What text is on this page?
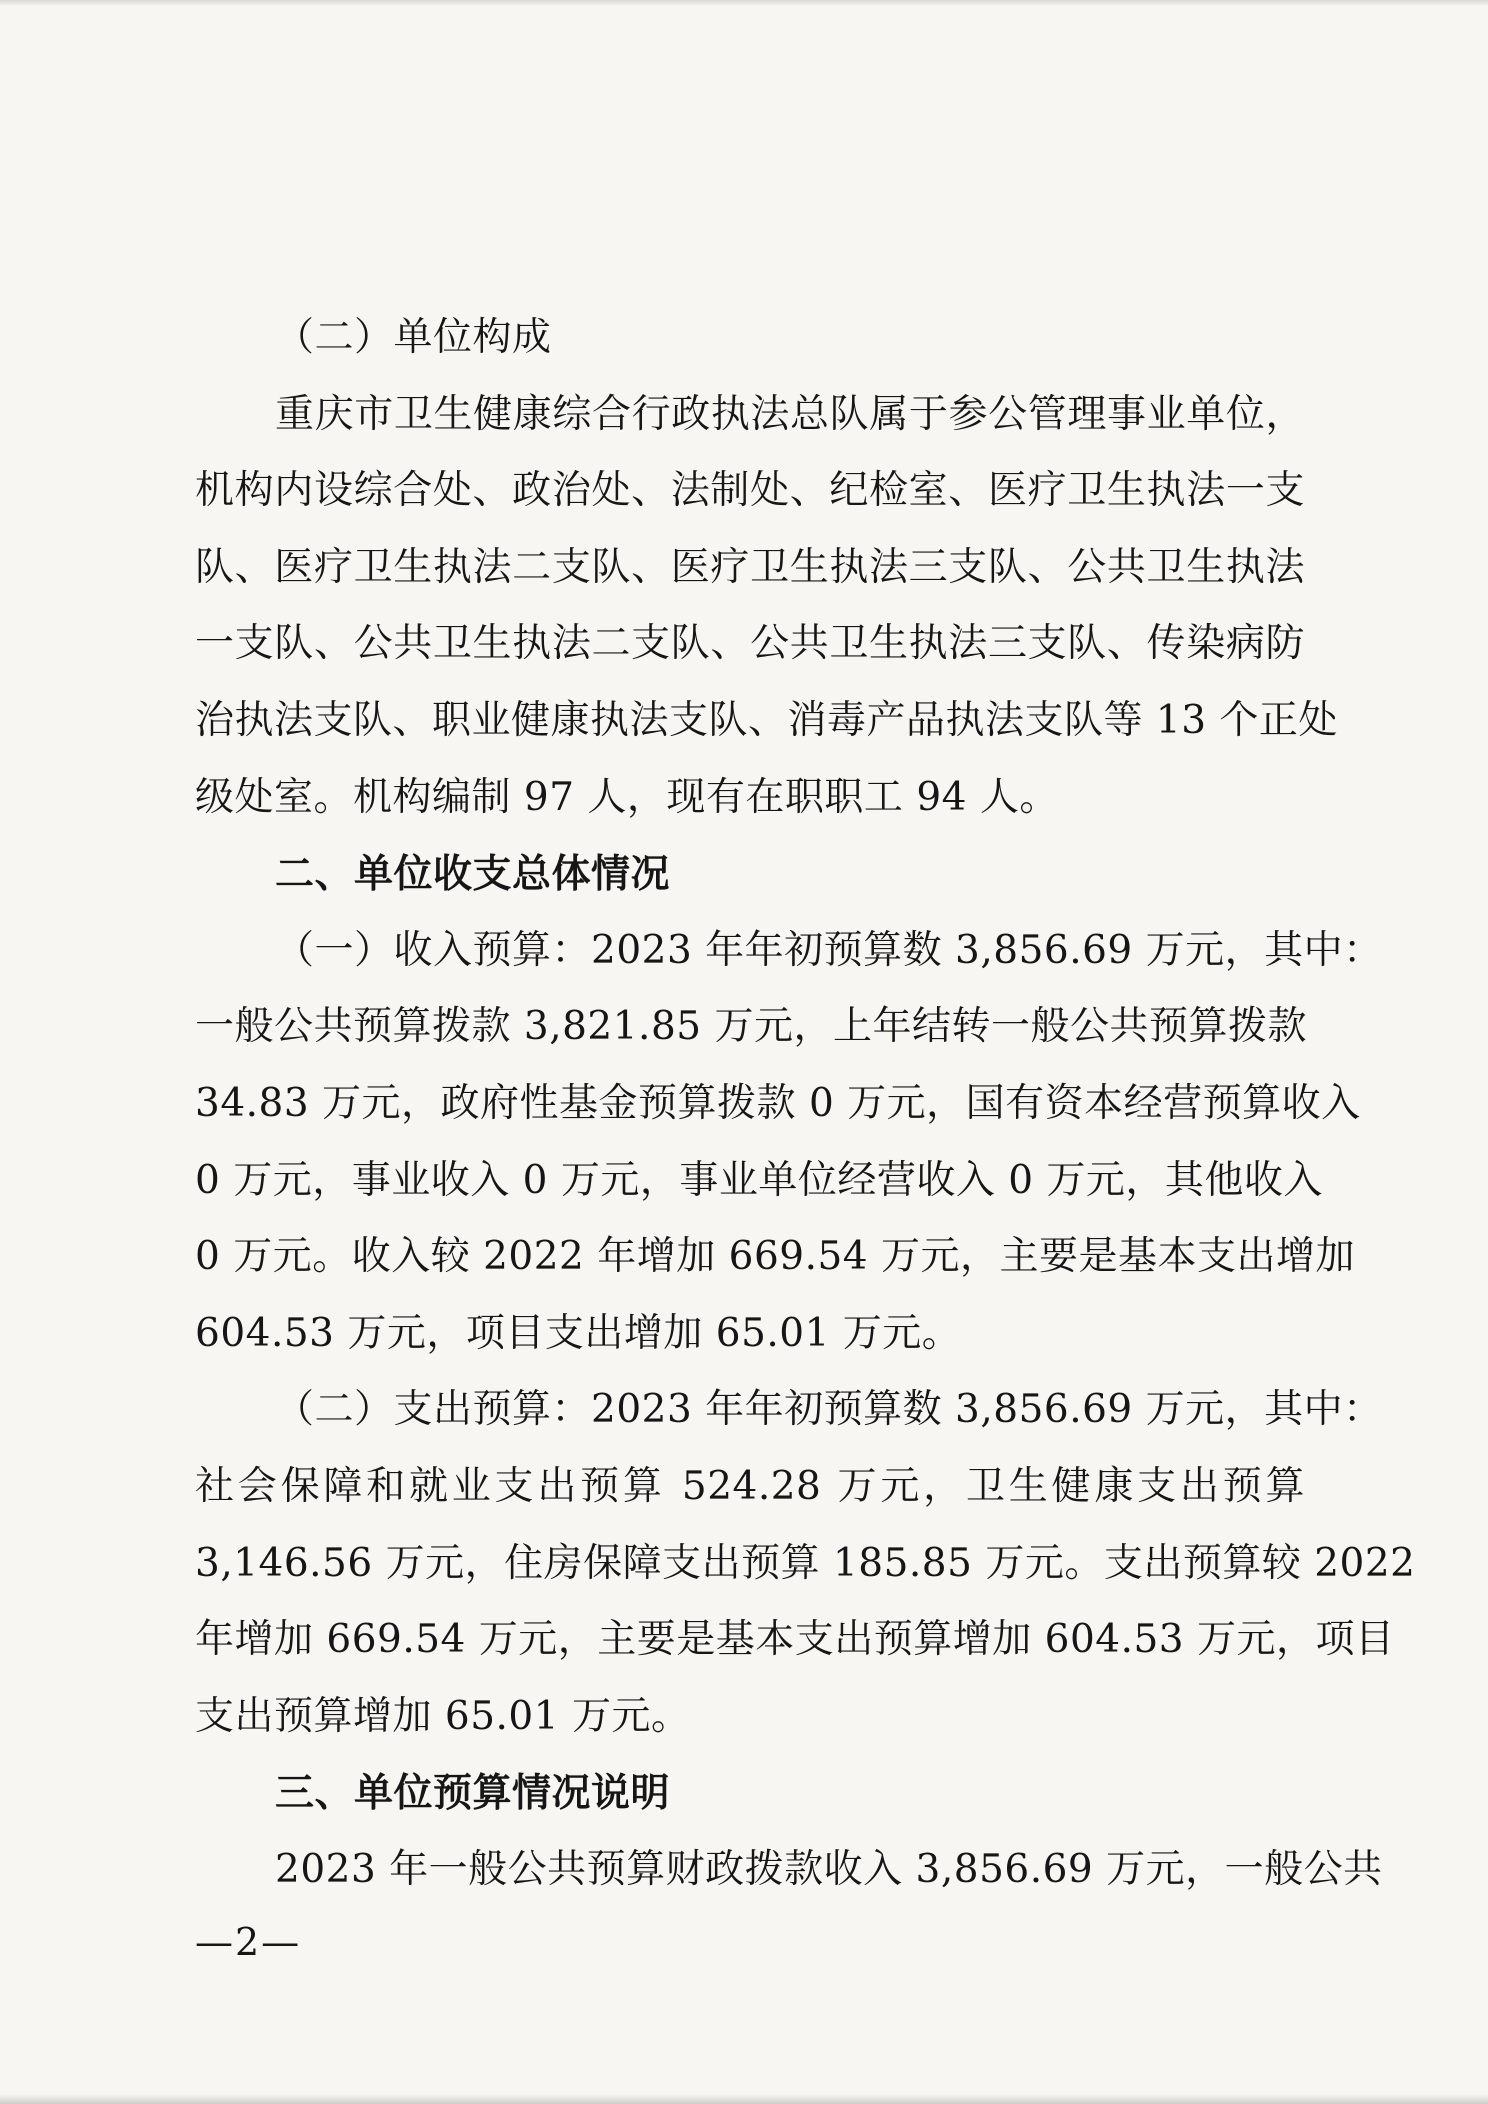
（二）单位构成
重庆市卫生健康综合行政执法总队属于参公管理事业单位，
机构内设综合处、政治处、法制处、纪检室、医疗卫生执法一支
队、医疗卫生执法二支队、医疗卫生执法三支队、公共卫生执法
一支队、公共卫生执法二支队、公共卫生执法三支队、传染病防
治执法支队、职业健康执法支队、消毒产品执法支队等 13 个正处
级处室。机构编制 97 人，现有在职职工 94 人。
二、单位收支总体情况
（一）收入预算：2023 年年初预算数 3,856.69 万元，其中：
一般公共预算拨款 3,821.85 万元，上年结转一般公共预算拨款
34.83 万元，政府性基金预算拨款 0 万元，国有资本经营预算收入
0 万元，事业收入 0 万元，事业单位经营收入 0 万元，其他收入
0 万元。收入较 2022 年增加 669.54 万元，主要是基本支出增加
604.53 万元，项目支出增加 65.01 万元。
（二）支出预算：2023 年年初预算数 3,856.69 万元，其中：
社会保障和就业支出预算 524.28 万元，卫生健康支出预算
3,146.56 万元，住房保障支出预算 185.85 万元。支出预算较 2022
年增加 669.54 万元，主要是基本支出预算增加 604.53 万元，项目
支出预算增加 65.01 万元。
三、单位预算情况说明
2023 年一般公共预算财政拨款收入 3,856.69 万元，一般公共
—2—
